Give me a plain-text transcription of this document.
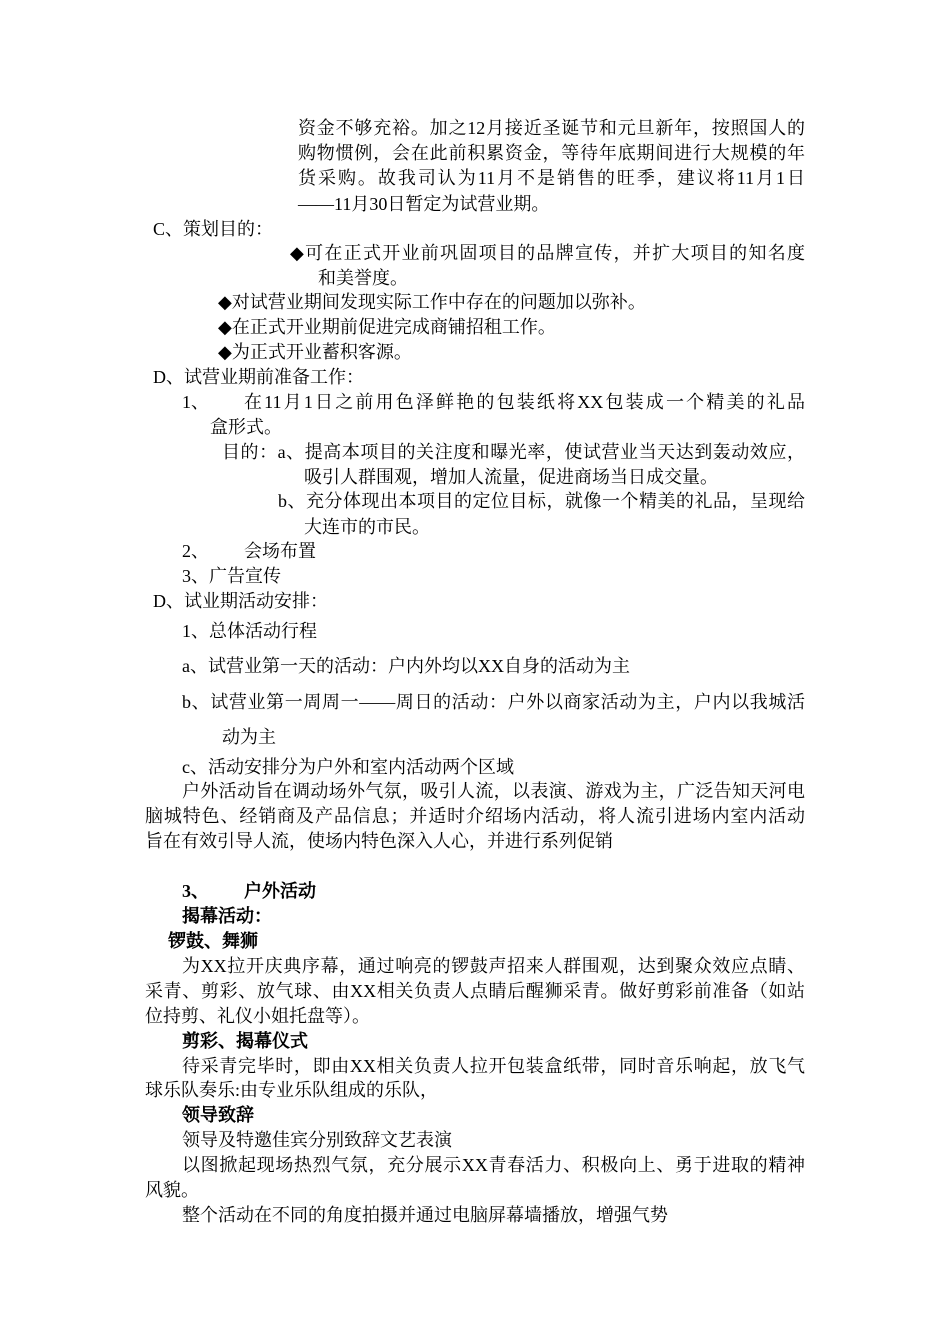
资金不够充裕。加之12月接近圣诞节和元旦新年，按照国人的
购物惯例，会在此前积累资金，等待年底期间进行大规模的年
货采购。故我司认为11月不是销售的旺季，建议将11月1日
——11月30日暂定为试营业期。
C、策划目的：
◆可在正式开业前巩固项目的品牌宣传，并扩大项目的知名度
和美誉度。
◆对试营业期间发现实际工作中存在的问题加以弥补。
◆在正式开业期前促进完成商铺招租工作。
◆为正式开业蓄积客源。
D、试营业期前准备工作：
1、 在11月1日之前用色泽鲜艳的包装纸将XX包装成一个精美的礼品
盒形式。
目的：a、提高本项目的关注度和曝光率，使试营业当天达到轰动效应，
吸引人群围观，增加人流量，促进商场当日成交量。
b、充分体现出本项目的定位目标，就像一个精美的礼品，呈现给
大连市的市民。
2、 会场布置
3、广告宣传
D、试业期活动安排：
1、总体活动行程
a、试营业第一天的活动：户内外均以XX自身的活动为主
b、试营业第一周周一——周日的活动：户外以商家活动为主，户内以我城活
动为主
c、活动安排分为户外和室内活动两个区域
户外活动旨在调动场外气氛，吸引人流，以表演、游戏为主，广泛告知天河电
脑城特色、经销商及产品信息；并适时介绍场内活动，将人流引进场内室内活动
旨在有效引导人流，使场内特色深入人心，并进行系列促销
3、 户外活动
揭幕活动：
锣鼓、舞狮
为XX拉开庆典序幕，通过响亮的锣鼓声招来人群围观，达到聚众效应点睛、
采青、剪彩、放气球、由XX相关负责人点睛后醒狮采青。做好剪彩前准备（如站
位持剪、礼仪小姐托盘等）。
剪彩、揭幕仪式
待采青完毕时，即由XX相关负责人拉开包装盒纸带，同时音乐响起，放飞气
球乐队奏乐:由专业乐队组成的乐队，
领导致辞
领导及特邀佳宾分别致辞文艺表演
以图掀起现场热烈气氛，充分展示XX青春活力、积极向上、勇于进取的精神
风貌。
整个活动在不同的角度拍摄并通过电脑屏幕墙播放，增强气势
